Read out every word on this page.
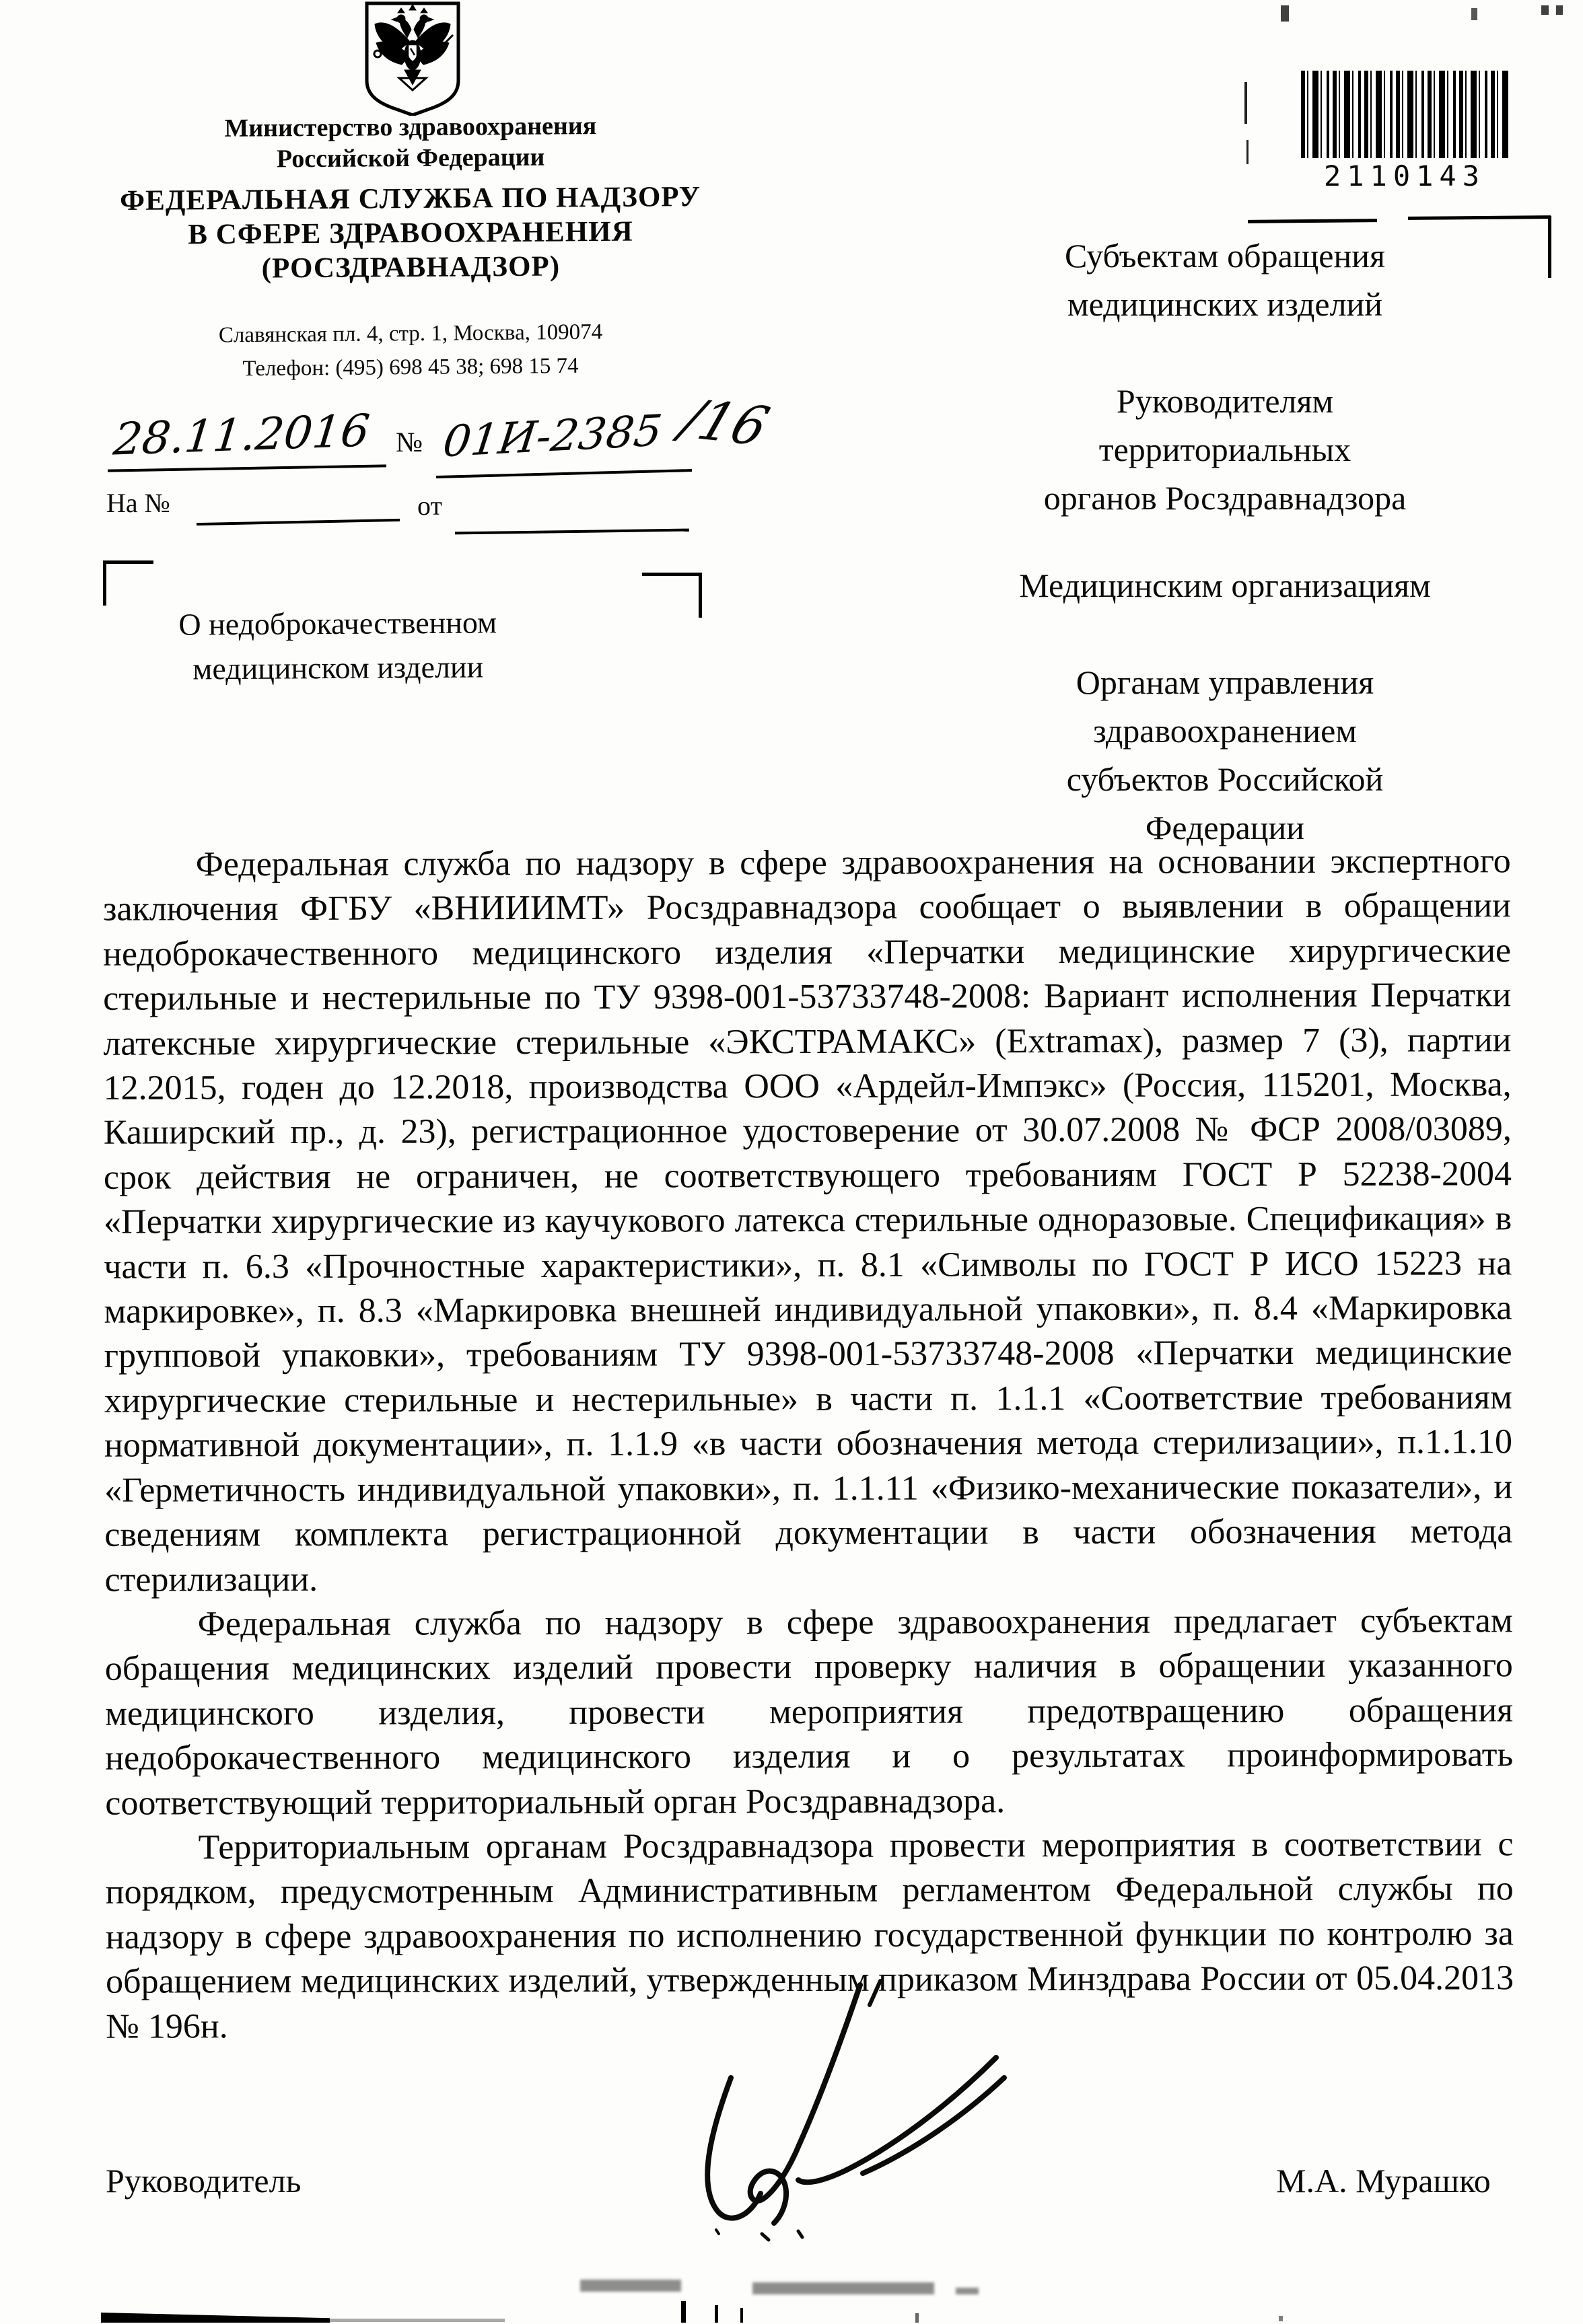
Министерство здравоохранения
Российской Федерации
ФЕДЕРАЛЬНАЯ СЛУЖБА ПО НАДЗОРУ
В СФЕРЕ ЗДРАВООХРАНЕНИЯ
(РОСЗДРАВНАДЗОР)
Славянская пл. 4, стр. 1, Москва, 109074
Телефон: (495) 698 45 38; 698 15 74
2110143
28.11.2016 № 01И-2385 /16
На №	от
О недоброкачественном
медицинском изделии
Субъектам обращения
медицинских изделий
Руководителям
территориальных
органов Росздравнадзора
Медицинским организациям
Органам управления
здравоохранением
субъектов Российской
Федерации

Федеральная служба по надзору в сфере здравоохранения на основании экспертного заключения ФГБУ «ВНИИИМТ» Росздравнадзора сообщает о выявлении в обращении недоброкачественного медицинского изделия «Перчатки медицинские хирургические стерильные и нестерильные по ТУ 9398-001-53733748-2008: Вариант исполнения Перчатки латексные хирургические стерильные «ЭКСТРАМАКС» (Extramax), размер 7 (3), партии 12.2015, годен до 12.2018, производства ООО «Ардейл-Импэкс» (Россия, 115201, Москва, Каширский пр., д. 23), регистрационное удостоверение от 30.07.2008 № ФСР 2008/03089, срок действия не ограничен, не соответствующего требованиям ГОСТ Р 52238-2004 «Перчатки хирургические из каучукового латекса стерильные одноразовые. Спецификация» в части п. 6.3 «Прочностные характеристики», п. 8.1 «Символы по ГОСТ Р ИСО 15223 на маркировке», п. 8.3 «Маркировка внешней индивидуальной упаковки», п. 8.4 «Маркировка групповой упаковки», требованиям ТУ 9398-001-53733748-2008 «Перчатки медицинские хирургические стерильные и нестерильные» в части п. 1.1.1 «Соответствие требованиям нормативной документации», п. 1.1.9 «в части обозначения метода стерилизации», п.1.1.10 «Герметичность индивидуальной упаковки», п. 1.1.11 «Физико-механические показатели», и сведениям комплекта регистрационной документации в части обозначения метода стерилизации.

Федеральная служба по надзору в сфере здравоохранения предлагает субъектам обращения медицинских изделий провести проверку наличия в обращении указанного медицинского изделия, провести мероприятия предотвращению обращения недоброкачественного медицинского изделия и о результатах проинформировать соответствующий территориальный орган Росздравнадзора.

Территориальным органам Росздравнадзора провести мероприятия в соответствии с порядком, предусмотренным Административным регламентом Федеральной службы по надзору в сфере здравоохранения по исполнению государственной функции по контролю за обращением медицинских изделий, утвержденным приказом Минздрава России от 05.04.2013 № 196н.

Руководитель	М.А. Мурашко
